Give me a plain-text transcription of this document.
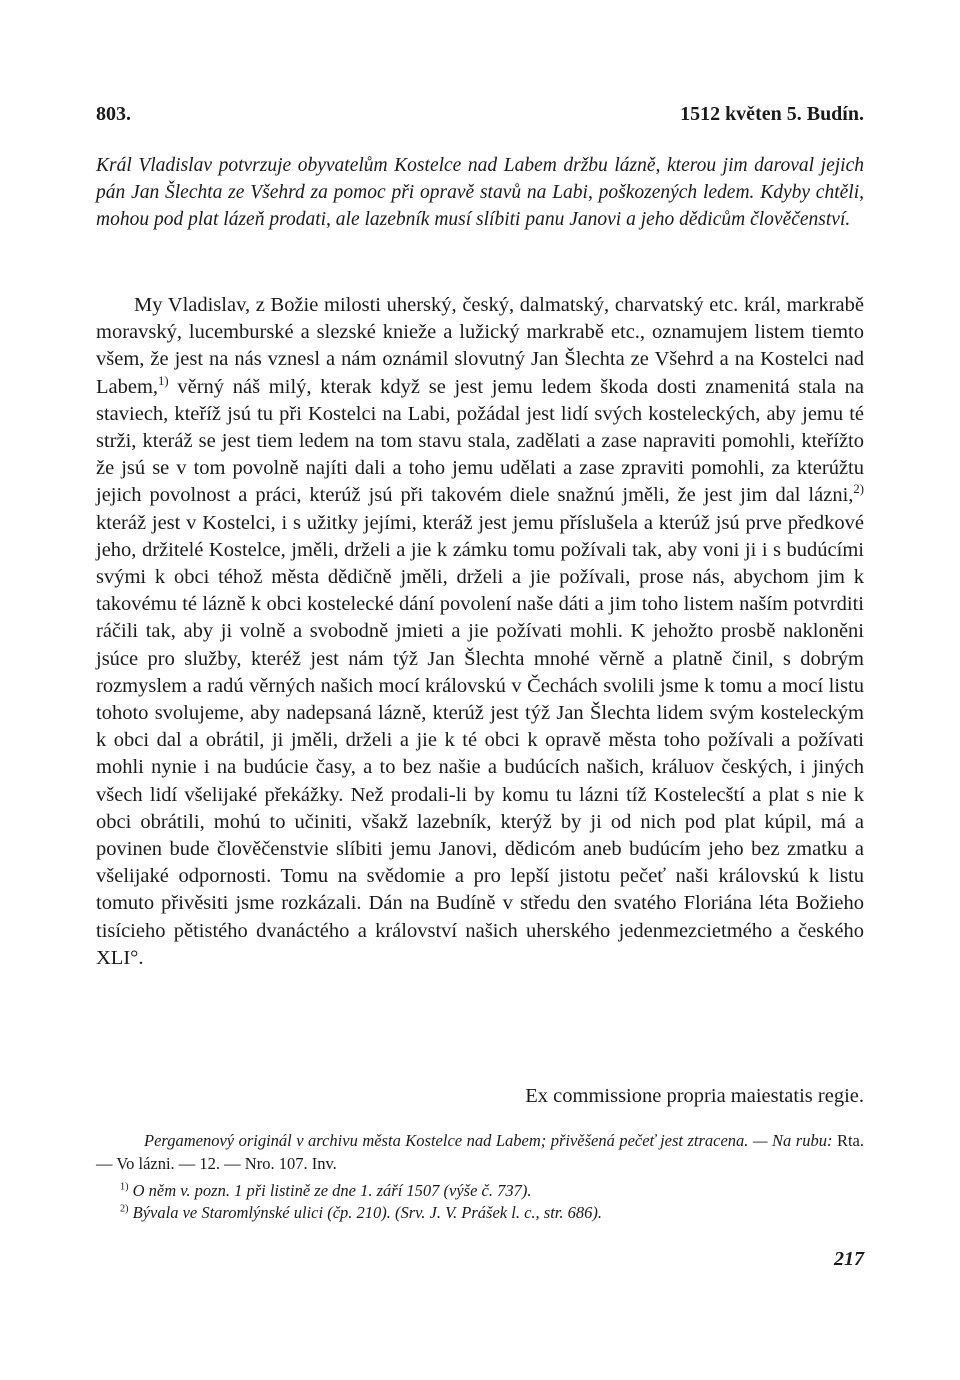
803.	1512 květen 5. Budín.
Král Vladislav potvrzuje obyvatelům Kostelce nad Labem držbu lázně, kterou jim daroval jejich pán Jan Šlechta ze Všehrd za pomoc při opravě stavů na Labi, poškozených ledem. Kdyby chtěli, mohou pod plat lázeň prodati, ale lazebník musí slíbiti panu Janovi a jeho dědicům člověčenství.

My Vladislav, z Božie milosti uherský, český, dalmatský, charvatský etc. král, markrabě moravský, lucemburské a slezské knieže a lužický markrabě etc., oznamujem listem tiemto všem, že jest na nás vznesl a nám oznámil slovutný Jan Šlechta ze Všehrd a na Kostelci nad Labem,$^{1)}$ věrný náš milý, kterak když se jest jemu ledem škoda dosti znamenitá stala na staviech, kteříž jsú tu při Kostelci na Labi, požádal jest lidí svých kosteleckých, aby jemu té strži, kteráž se jest tiem ledem na tom stavu stala, zadělati a zase napraviti pomohli, kteřížto že jsú se v tom povolně najíti dali a toho jemu udělati a zase zpraviti pomohli, za kterúžtu jejich povolnost a práci, kterúž jsú při takovém diele snažnú jměli, že jest jim dal lázni,$^{2)}$ kteráž jest v Kostelci, i s užitky jejími, kteráž jest jemu příslušela a kterúž jsú prve předkové jeho, držitelé Kostelce, jměli, drželi a jie k zámku tomu požívali tak, aby voni ji i s budúcími svými k obci téhož města dědičně jměli, drželi a jie požívali, prose nás, abychom jim k takovému té lázně k obci kostelecké dání povolení naše dáti a jim toho listem naším potvrditi ráčili tak, aby ji volně a svobodně jmieti a jie požívati mohli. K jehožto prosbě nakloněni jsúce pro služby, kteréž jest nám týž Jan Šlechta mnohé věrně a platně činil, s dobrým rozmyslem a radú věrných našich mocí královskú v Čechách svolili jsme k tomu a mocí listu tohoto svolujeme, aby nadepsaná lázně, kterúž jest týž Jan Šlechta lidem svým kosteleckým k obci dal a obrátil, ji jměli, drželi a jie k té obci k opravě města toho požívali a požívati mohli nynie i na budúcie časy, a to bez našie a budúcích našich, králuov českých, i jiných všech lidí všelijaké překážky. Než prodali-li by komu tu lázni tíž Kostelecští a plat s nie k obci obrátili, mohú to učiniti, všakž lazebník, kterýž by ji od nich pod plat kúpil, má a povinen bude člověčenstvie slíbiti jemu Janovi, dědicóm aneb budúcím jeho bez zmatku a všelijaké odpornosti. Tomu na svědomie a pro lepší jistotu pečeť naši královskú k listu tomuto přivěsiti jsme rozkázali. Dán na Budíně v středu den svatého Floriána léta Božieho tisícieho pětistého dvanáctého a království našich uherského jedenmezcietmého a českého XLI°.

Ex commissione propria maiestatis regie.

Pergamenový originál v archivu města Kostelce nad Labem; přivěšená pečeť jest ztracena. — Na rubu: Rta. — Vo lázni. — 12. — Nro. 107. Inv.

$^{1)}$ O něm v. pozn. 1 při listině ze dne 1. září 1507 (výše č. 737).
$^{2)}$ Bývala ve Staromlýnské ulici (čp. 210). (Srv. J. V. Prášek l. c., str. 686).
217
